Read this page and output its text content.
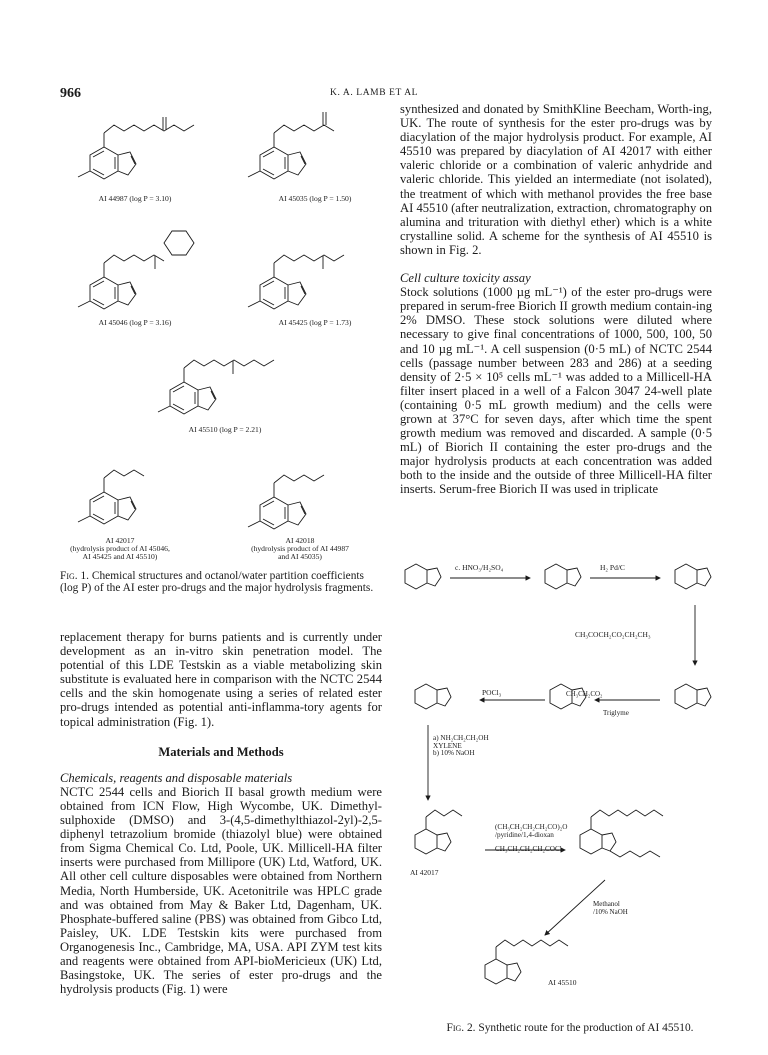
966	K. A. LAMB ET AL
AI 44987 (log P = 3.10)	AI 45035 (log P = 1.50)
AI 45046 (log P = 3.16)	AI 45425 (log P = 1.73)
AI 45510 (log P = 2.21)
AI 42017
(hydrolysis product of AI 45046,
AI 45425 and AI 45510)
AI 42018
(hydrolysis product of AI 44987
and AI 45035)
Fig. 1. Chemical structures and octanol/water partition coefficients (log P) of the AI ester pro-drugs and the major hydrolysis fragments.

replacement therapy for burns patients and is currently under development as an in-vitro skin penetration model. The potential of this LDE Testskin as a viable metabolizing skin substitute is evaluated here in comparison with the NCTC 2544 cells and the skin homogenate using a series of related ester pro-drugs intended as potential anti-inflamma-tory agents for topical administration (Fig. 1).

Materials and Methods

Chemicals, reagents and disposable materials

NCTC 2544 cells and Biorich II basal growth medium were obtained from ICN Flow, High Wycombe, UK. Dimethyl-sulphoxide (DMSO) and 3-(4,5-dimethylthiazol-2yl)-2,5-diphenyl tetrazolium bromide (thiazolyl blue) were obtained from Sigma Chemical Co. Ltd, Poole, UK. Millicell-HA filter inserts were purchased from Millipore (UK) Ltd, Watford, UK. All other cell culture disposables were obtained from Northern Media, North Humberside, UK. Acetonitrile was HPLC grade and was obtained from May & Baker Ltd, Dagenham, UK. Phosphate-buffered saline (PBS) was obtained from Gibco Ltd, Paisley, UK. LDE Testskin kits were purchased from Organogenesis Inc., Cambridge, MA, USA. API ZYM test kits and reagents were obtained from API-bioMericieux (UK) Ltd, Basingstoke, UK. The series of ester pro-drugs and the hydrolysis products (Fig. 1) were

synthesized and donated by SmithKline Beecham, Worth-ing, UK. The route of synthesis for the ester pro-drugs was by diacylation of the major hydrolysis product. For example, AI 45510 was prepared by diacylation of AI 42017 with either valeric chloride or a combination of valeric anhydride and valeric chloride. This yielded an intermediate (not isolated), the treatment of which with methanol provides the free base AI 45510 (after neutralization, extraction, chromatography on alumina and trituration with diethyl ether) which is a white crystalline solid. A scheme for the synthesis of AI 45510 is shown in Fig. 2.

Cell culture toxicity assay

Stock solutions (1000 µg mL⁻¹) of the ester pro-drugs were prepared in serum-free Biorich II growth medium contain-ing 2% DMSO. These stock solutions were diluted where necessary to give final concentrations of 1000, 500, 100, 50 and 10 µg mL⁻¹. A cell suspension (0·5 mL) of NCTC 2544 cells (passage number between 283 and 286) at a seeding density of 2·5 × 10⁵ cells mL⁻¹ was added to a Millicell-HA filter insert placed in a well of a Falcon 3047 24-well plate (containing 0·5 mL growth medium) and the cells were grown at 37°C for seven days, after which time the spent growth medium was removed and discarded. A sample (0·5 mL) of Biorich II containing the ester pro-drugs and the major hydrolysis products at each concentration was added both to the inside and the outside of three Millicell-HA filter inserts. Serum-free Biorich II was used in triplicate

c. HNO₃/H₂SO₄	H₂ Pd/C
CH₃COCH₂CO₂CH₂CH₃
CH₃CH₂CO₂
POCl₃
Triglyme
a) NH₂CH₂CH₂OH
XYLENE
b) 10% NaOH
(CH₃CH₂CH₂CH₂CO)₂O
/pyridine/1,4-dioxan
CH₃CH₂CH₂CH₂COCl
Methanol
/10% NaOH
AI 42017
AI 45510
Fig. 2. Synthetic route for the production of AI 45510.
